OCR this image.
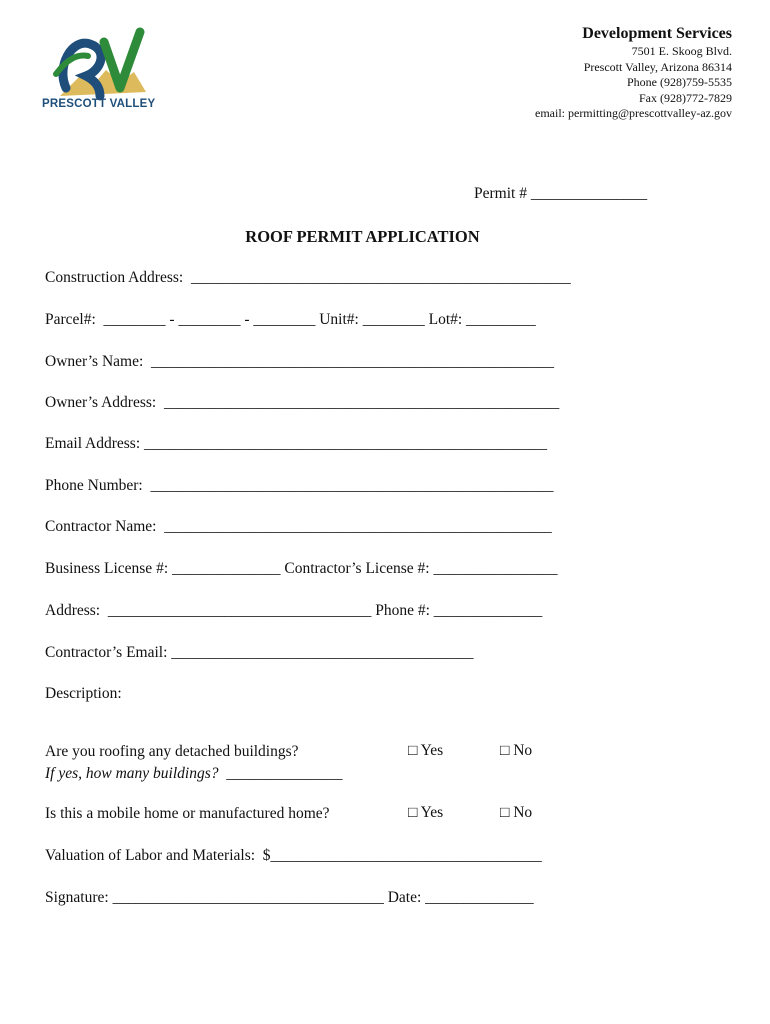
PRESCOTT VALLEY
Development Services
7501 E. Skoog Blvd.
Prescott Valley, Arizona 86314
Phone (928)759-5535
Fax (928)772-7829
email: permitting@prescottvalley-az.gov
Permit # _______________
ROOF PERMIT APPLICATION
Construction Address:  _________________________________________________
Parcel#:  ________ - ________ - ________ Unit#: ________ Lot#: _________
Owner’s Name:  ____________________________________________________
Owner’s Address:  ___________________________________________________
Email Address: ____________________________________________________
Phone Number:  ____________________________________________________
Contractor Name:  __________________________________________________
Business License #: ______________ Contractor’s License #: ________________
Address:  __________________________________ Phone #: ______________
Contractor’s Email: _______________________________________
Description:
Are you roofing any detached buildings?	□ Yes	□ No
If yes, how many buildings?  _______________
Is this a mobile home or manufactured home?	□ Yes	□ No
Valuation of Labor and Materials:  $___________________________________
Signature: ___________________________________ Date: ______________
